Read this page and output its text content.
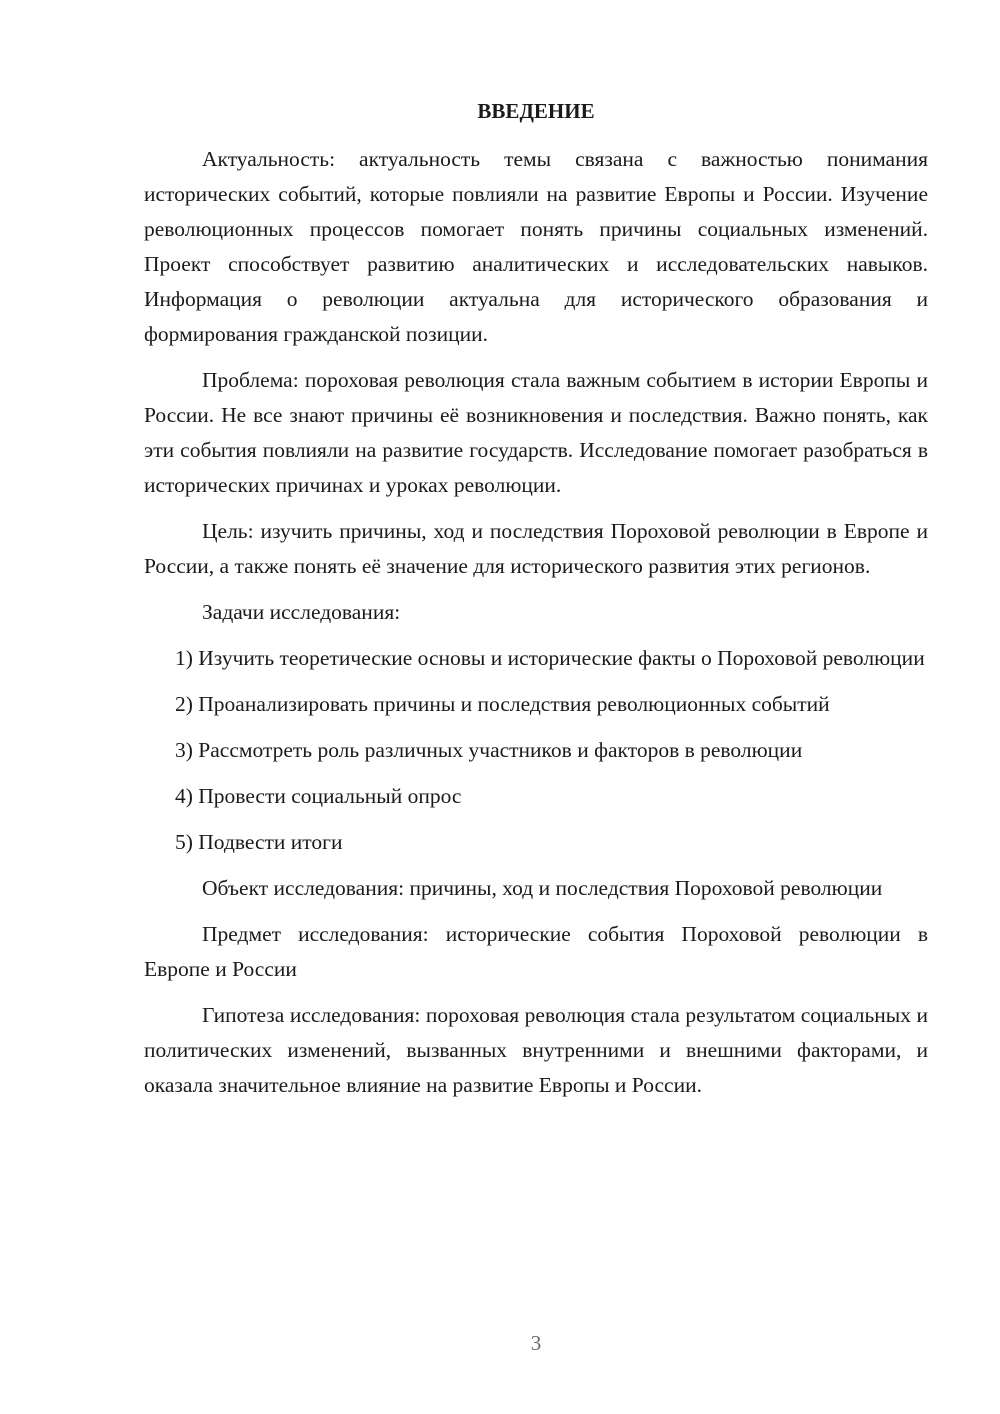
ВВЕДЕНИЕ

Актуальность: актуальность темы связана с важностью понимания исторических событий, которые повлияли на развитие Европы и России. Изучение революционных процессов помогает понять причины социальных изменений. Проект способствует развитию аналитических и исследовательских навыков. Информация о революции актуальна для исторического образования и формирования гражданской позиции.

Проблема: пороховая революция стала важным событием в истории Европы и России. Не все знают причины её возникновения и последствия. Важно понять, как эти события повлияли на развитие государств. Исследование помогает разобраться в исторических причинах и уроках революции.

Цель: изучить причины, ход и последствия Пороховой революции в Европе и России, а также понять её значение для исторического развития этих регионов.

Задачи исследования:

1) Изучить теоретические основы и исторические факты о Пороховой революции

2) Проанализировать причины и последствия революционных событий

3) Рассмотреть роль различных участников и факторов в революции

4) Провести социальный опрос

5) Подвести итоги

Объект исследования: причины, ход и последствия Пороховой революции

Предмет исследования: исторические события Пороховой революции в Европе и России

Гипотеза исследования: пороховая революция стала результатом социальных и политических изменений, вызванных внутренними и внешними факторами, и оказала значительное влияние на развитие Европы и России.

3
